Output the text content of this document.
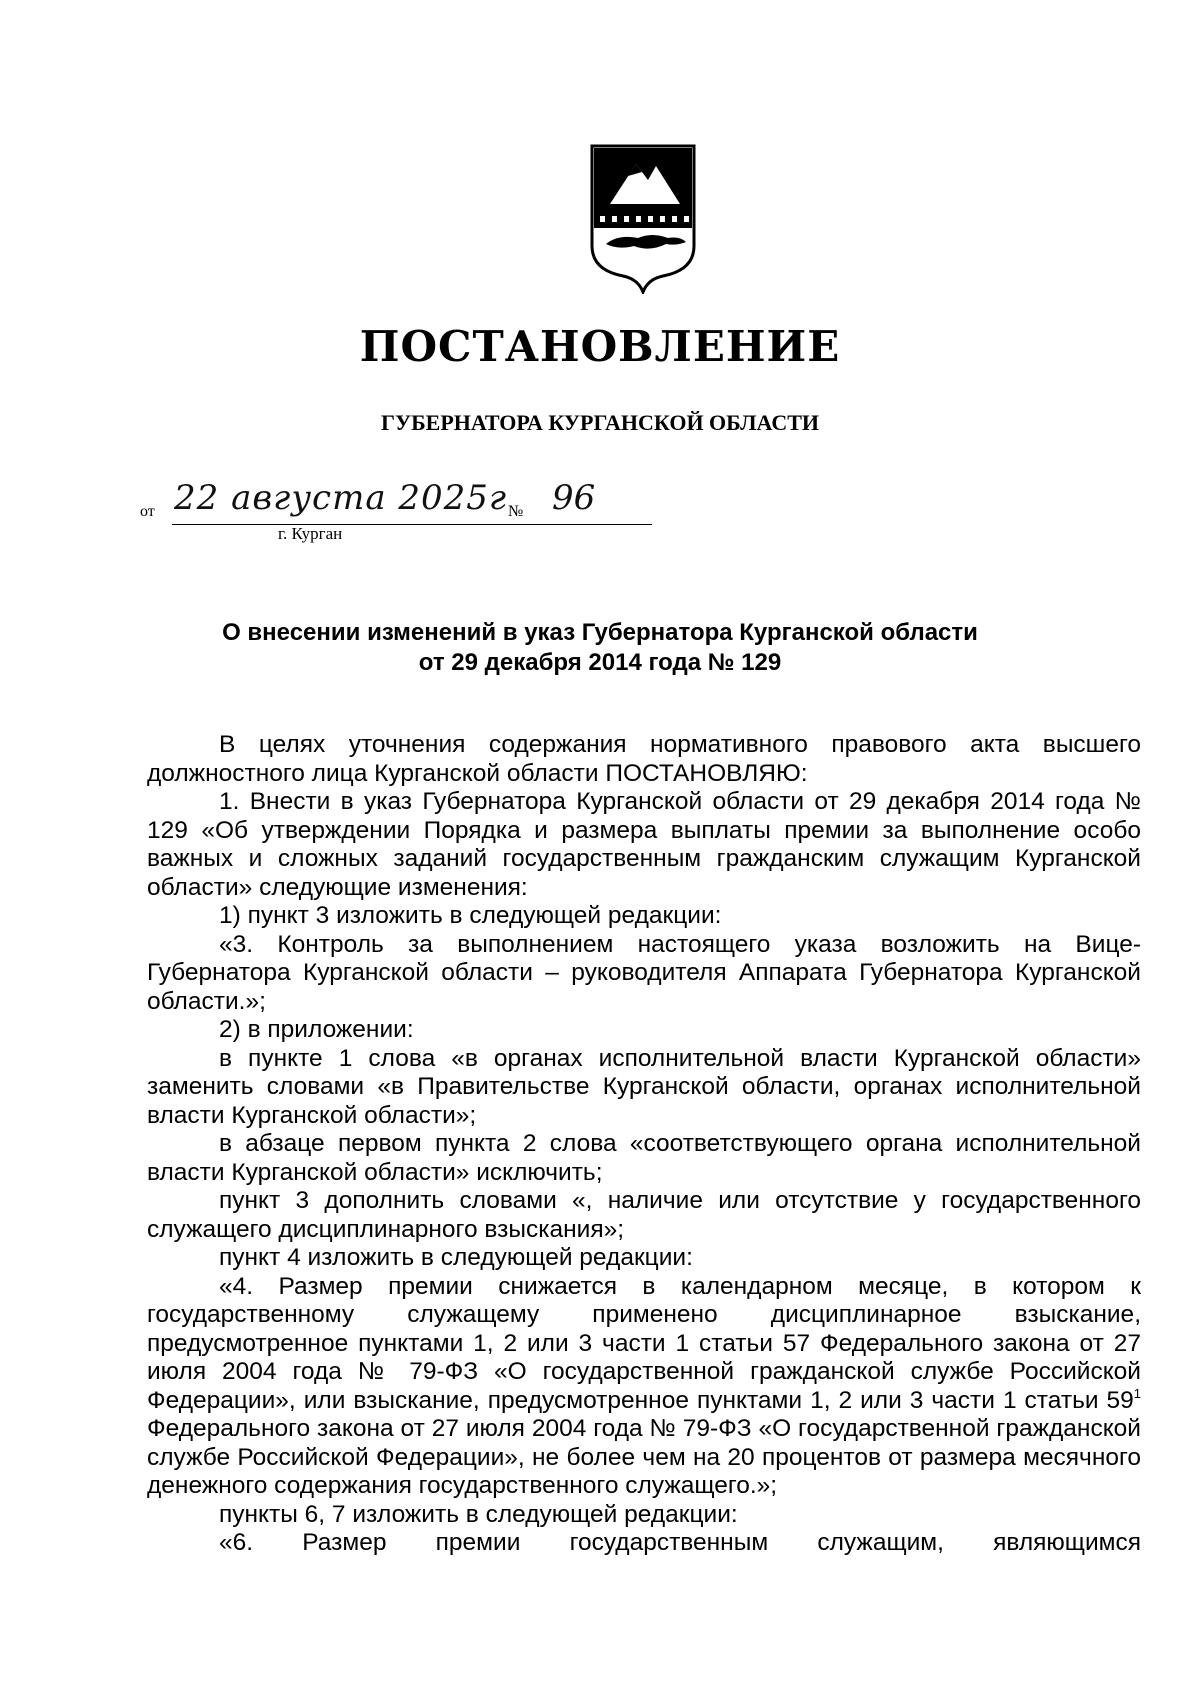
ПОСТАНОВЛЕНИЕ
ГУБЕРНАТОРА КУРГАНСКОЙ ОБЛАСТИ
от 22 августа 2025г № 96
г. Курган
О внесении изменений в указ Губернатора Курганской области
от 29 декабря 2014 года № 129

В целях уточнения содержания нормативного правового акта высшего должностного лица Курганской области ПОСТАНОВЛЯЮ:

1. Внести в указ Губернатора Курганской области от 29 декабря 2014 года № 129 «Об утверждении Порядка и размера выплаты премии за выполнение особо важных и сложных заданий государственным гражданским служащим Курганской области» следующие изменения:

1) пункт 3 изложить в следующей редакции:

«3. Контроль за выполнением настоящего указа возложить на Вице-Губернатора Курганской области – руководителя Аппарата Губернатора Курганской области.»;

2) в приложении:

в пункте 1 слова «в органах исполнительной власти Курганской области» заменить словами «в Правительстве Курганской области, органах исполнительной власти Курганской области»;

в абзаце первом пункта 2 слова «соответствующего органа исполнительной власти Курганской области» исключить;

пункт 3 дополнить словами «, наличие или отсутствие у государственного служащего дисциплинарного взыскания»;

пункт 4 изложить в следующей редакции:

«4. Размер премии снижается в календарном месяце, в котором к государственному служащему применено дисциплинарное взыскание, предусмотренное пунктами 1, 2 или 3 части 1 статьи 57 Федерального закона от 27 июля 2004 года № 79-ФЗ «О государственной гражданской службе Российской Федерации», или взыскание, предусмотренное пунктами 1, 2 или 3 части 1 статьи $59^1$ Федерального закона от 27 июля 2004 года № 79-ФЗ «О государственной гражданской службе Российской Федерации», не более чем на 20 процентов от размера месячного денежного содержания государственного служащего.»;

пункты 6, 7 изложить в следующей редакции:

«6. Размер премии государственным служащим, являющимся
